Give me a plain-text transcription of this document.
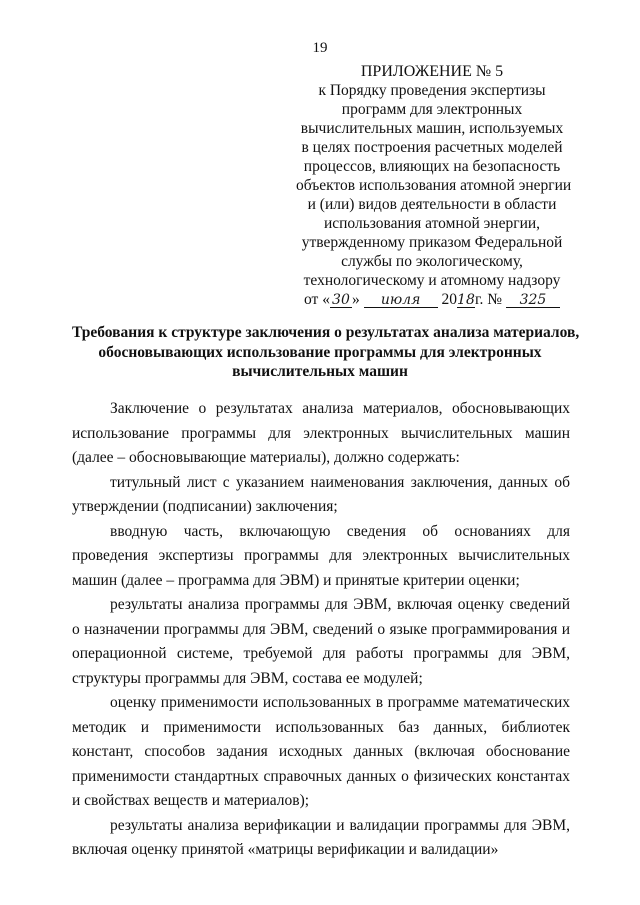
19
ПРИЛОЖЕНИЕ № 5
к Порядку проведения экспертизы
программ для электронных
вычислительных машин, используемых
в целях построения расчетных моделей
процессов, влияющих на безопасность
объектов использования атомной энергии
и (или) видов деятельности в области
использования атомной энергии,
утвержденному приказом Федеральной
службы по экологическому,
технологическому и атомному надзору
от « 30 » июля 2018г. № 325
Требования к структуре заключения о результатах анализа материалов,
обосновывающих использование программы для электронных
вычислительных машин

Заключение о результатах анализа материалов, обосновывающих использование программы для электронных вычислительных машин (далее – обосновывающие материалы), должно содержать:

титульный лист с указанием наименования заключения, данных об утверждении (подписании) заключения;

вводную часть, включающую сведения об основаниях для проведения экспертизы программы для электронных вычислительных машин (далее – программа для ЭВМ) и принятые критерии оценки;

результаты анализа программы для ЭВМ, включая оценку сведений о назначении программы для ЭВМ, сведений о языке программирования и операционной системе, требуемой для работы программы для ЭВМ, структуры программы для ЭВМ, состава ее модулей;

оценку применимости использованных в программе математических методик и применимости использованных баз данных, библиотек констант, способов задания исходных данных (включая обоснование применимости стандартных справочных данных о физических константах и свойствах веществ и материалов);

результаты анализа верификации и валидации программы для ЭВМ, включая оценку принятой «матрицы верификации и валидации»
